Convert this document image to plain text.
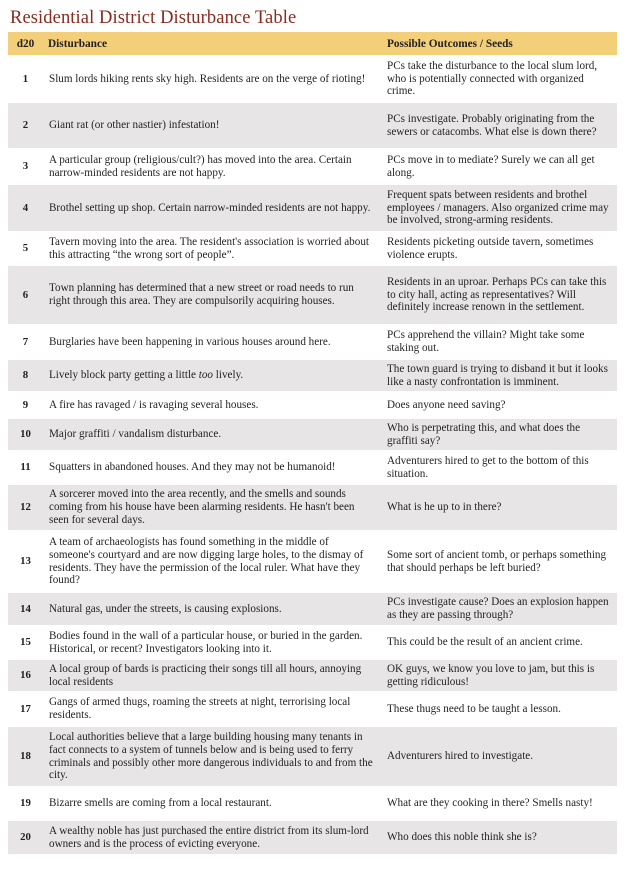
Residential District Disturbance Table
d20	Disturbance	Possible Outcomes / Seeds
1	Slum lords hiking rents sky high. Residents are on the verge of rioting!	PCs take the disturbance to the local slum lord, who is potentially connected with organized crime.
2	Giant rat (or other nastier) infestation!	PCs investigate. Probably originating from the sewers or catacombs. What else is down there?
3	A particular group (religious/cult?) has moved into the area. Certain narrow-minded residents are not happy.	PCs move in to mediate? Surely we can all get along.
4	Brothel setting up shop. Certain narrow-minded residents are not happy.	Frequent spats between residents and brothel employees / managers. Also organized crime may be involved, strong-arming residents.
5	Tavern moving into the area. The resident's association is worried about this attracting “the wrong sort of people”.	Residents picketing outside tavern, sometimes violence erupts.
6	Town planning has determined that a new street or road needs to run right through this area. They are compulsorily acquiring houses.	Residents in an uproar. Perhaps PCs can take this to city hall, acting as representatives? Will definitely increase renown in the settlement.
7	Burglaries have been happening in various houses around here.	PCs apprehend the villain? Might take some staking out.
8	Lively block party getting a little too lively.	The town guard is trying to disband it but it looks like a nasty confrontation is imminent.
9	A fire has ravaged / is ravaging several houses.	Does anyone need saving?
10	Major graffiti / vandalism disturbance.	Who is perpetrating this, and what does the graffiti say?
11	Squatters in abandoned houses. And they may not be humanoid!	Adventurers hired to get to the bottom of this situation.
12	A sorcerer moved into the area recently, and the smells and sounds coming from his house have been alarming residents. He hasn't been seen for several days.	What is he up to in there?
13	A team of archaeologists has found something in the middle of someone's courtyard and are now digging large holes, to the dismay of residents. They have the permission of the local ruler. What have they found?	Some sort of ancient tomb, or perhaps something that should perhaps be left buried?
14	Natural gas, under the streets, is causing explosions.	PCs investigate cause? Does an explosion happen as they are passing through?
15	Bodies found in the wall of a particular house, or buried in the garden. Historical, or recent? Investigators looking into it.	This could be the result of an ancient crime.
16	A local group of bards is practicing their songs till all hours, annoying local residents	OK guys, we know you love to jam, but this is getting ridiculous!
17	Gangs of armed thugs, roaming the streets at night, terrorising local residents.	These thugs need to be taught a lesson.
18	Local authorities believe that a large building housing many tenants in fact connects to a system of tunnels below and is being used to ferry criminals and possibly other more dangerous individuals to and from the city.	Adventurers hired to investigate.
19	Bizarre smells are coming from a local restaurant.	What are they cooking in there? Smells nasty!
20	A wealthy noble has just purchased the entire district from its slum-lord owners and is the process of evicting everyone.	Who does this noble think she is?
